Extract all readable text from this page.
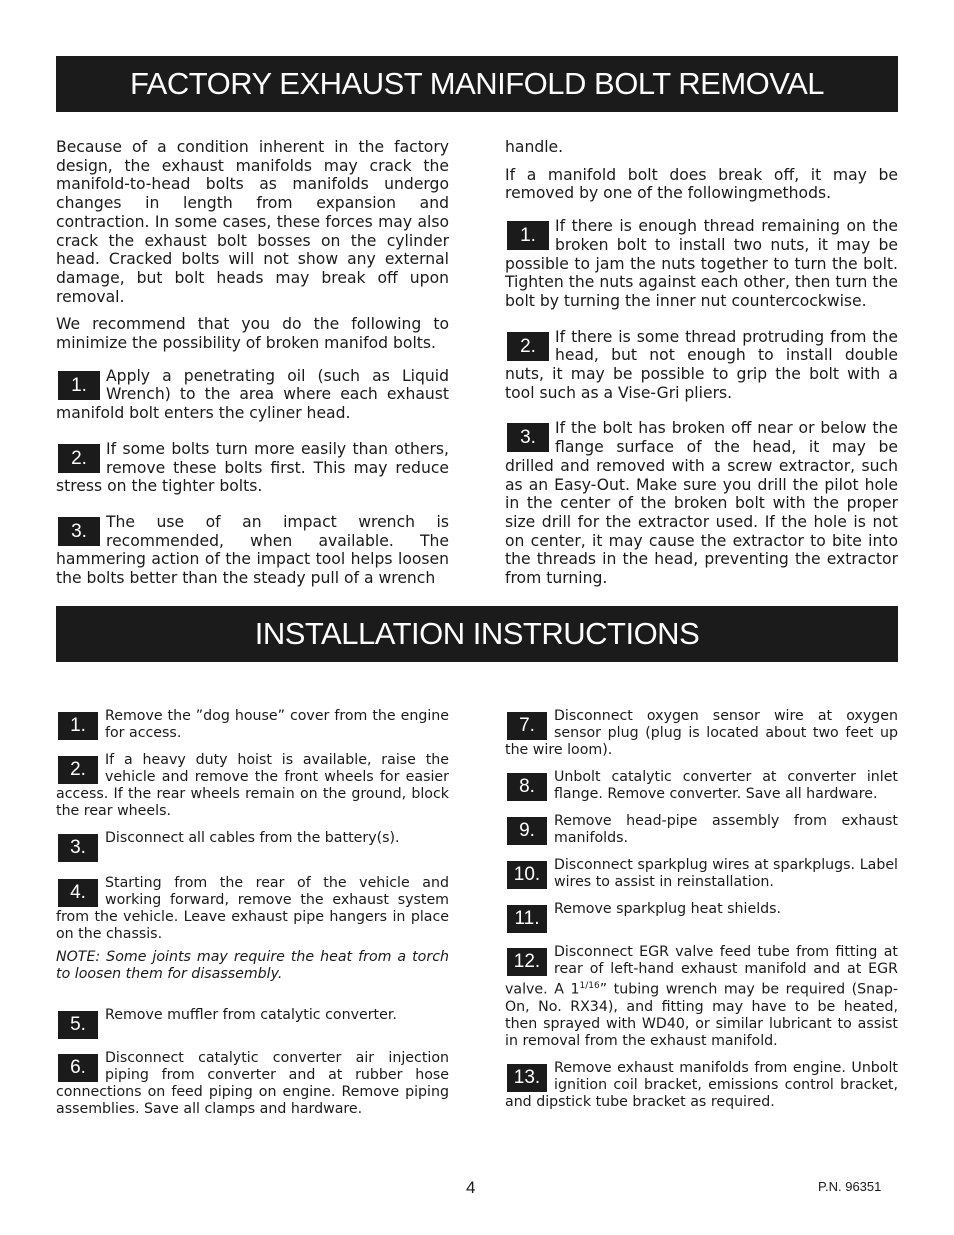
FACTORY EXHAUST MANIFOLD BOLT REMOVAL

Because of a condition inherent in the factory design, the exhaust manifolds may crack the manifold-to-head bolts as manifolds undergo changes in length from expansion and contraction. In some cases, these forces may also crack the exhaust bolt bosses on the cylinder head. Cracked bolts will not show any external damage, but bolt heads may break off upon removal.

We recommend that you do the following to minimize the possibility of broken manifod bolts.

1.	Apply a penetrating oil (such as Liquid Wrench) to the area where each exhaust manifold bolt enters the cyliner head.
2.	If some bolts turn more easily than others, remove these bolts first. This may reduce stress on the tighter bolts.
3.	The use of an impact wrench is recommended, when available. The hammering action of the impact tool helps loosen the bolts better than the steady pull of a wrench

handle.

If a manifold bolt does break off, it may be removed by one of the followingmethods.

1.	If there is enough thread remaining on the broken bolt to install two nuts, it may be possible to jam the nuts together to turn the bolt. Tighten the nuts against each other, then turn the bolt by turning the inner nut countercockwise.
2.	If there is some thread protruding from the head, but not enough to install double nuts, it may be possible to grip the bolt with a tool such as a Vise-Gri pliers.
3.	If the bolt has broken off near or below the flange surface of the head, it may be drilled and removed with a screw extractor, such as an Easy-Out. Make sure you drill the pilot hole in the center of the broken bolt with the proper size drill for the extractor used. If the hole is not on center, it may cause the extractor to bite into the threads in the head, preventing the extractor from turning.
INSTALLATION INSTRUCTIONS
1.	Remove the ”dog house” cover from the engine for access.
2.	If a heavy duty hoist is available, raise the vehicle and remove the front wheels for easier access. If the rear wheels remain on the ground, block the rear wheels.
3.	Disconnect all cables from the battery(s).
4.	Starting from the rear of the vehicle and working forward, remove the exhaust system from the vehicle. Leave exhaust pipe hangers in place on the chassis.

NOTE: Some joints may require the heat from a torch to loosen them for disassembly.

5.	Remove muffler from catalytic converter.
6.	Disconnect catalytic converter air injection piping from converter and at rubber hose connections on feed piping on engine. Remove piping assemblies. Save all clamps and hardware.
7.	Disconnect oxygen sensor wire at oxygen sensor plug (plug is located about two feet up the wire loom).
8.	Unbolt catalytic converter at converter inlet flange. Remove converter. Save all hardware.
9.	Remove head-pipe assembly from exhaust manifolds.
10. Disconnect sparkplug wires at sparkplugs. Label wires to assist in reinstallation.
11.	Remove sparkplug heat shields.
12. Disconnect EGR valve feed tube from fitting at rear of left-hand exhaust manifold and at EGR valve. A $1^{1/16}$” tubing wrench may be required (Snap-On, No. RX34), and fitting may have to be heated, then sprayed with WD40, or similar lubricant to assist in removal from the exhaust manifold.
13. Remove exhaust manifolds from engine. Unbolt ignition coil bracket, emissions control bracket, and dipstick tube bracket as required.
4	P.N. 96351
